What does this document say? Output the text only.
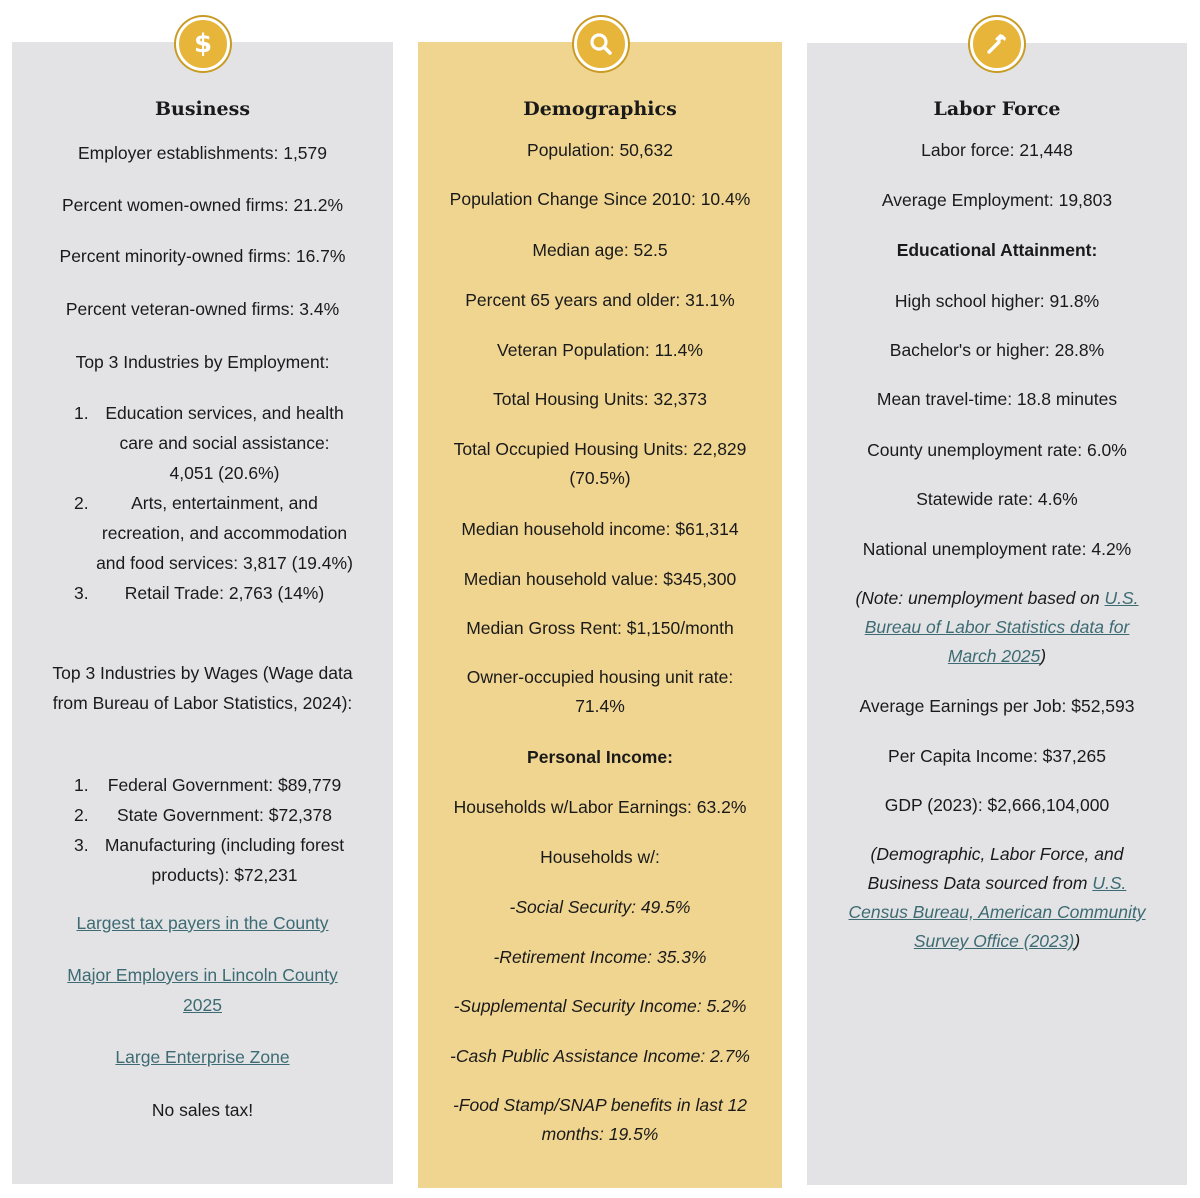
$
Business
Employer establishments: 1,579
Percent women-owned firms: 21.2%
Percent minority-owned firms: 16.7%
Percent veteran-owned firms: 3.4%
Top 3 Industries by Employment:
1. Education services, and health care and social assistance: 4,051 (20.6%)
2. Arts, entertainment, and recreation, and accommodation and food services: 3,817 (19.4%)
3. Retail Trade: 2,763 (14%)
Top 3 Industries by Wages (Wage data from Bureau of Labor Statistics, 2024):
1. Federal Government: $89,779
2. State Government: $72,378
3. Manufacturing (including forest products): $72,231
Largest tax payers in the County
Major Employers in Lincoln County 2025
Large Enterprise Zone
No sales tax!
Demographics
Population: 50,632
Population Change Since 2010: 10.4%
Median age: 52.5
Percent 65 years and older: 31.1%
Veteran Population: 11.4%
Total Housing Units: 32,373
Total Occupied Housing Units: 22,829 (70.5%)
Median household income: $61,314
Median household value: $345,300
Median Gross Rent: $1,150/month
Owner-occupied housing unit rate: 71.4%
Personal Income:
Households w/Labor Earnings: 63.2%
Households w/:
-Social Security: 49.5%
-Retirement Income: 35.3%
-Supplemental Security Income: 5.2%
-Cash Public Assistance Income: 2.7%
-Food Stamp/SNAP benefits in last 12 months: 19.5%
Labor Force
Labor force: 21,448
Average Employment: 19,803
Educational Attainment:
High school higher: 91.8%
Bachelor's or higher: 28.8%
Mean travel-time: 18.8 minutes
County unemployment rate: 6.0%
Statewide rate: 4.6%
National unemployment rate: 4.2%
(Note: unemployment based on U.S. Bureau of Labor Statistics data for March 2025)
Average Earnings per Job: $52,593
Per Capita Income: $37,265
GDP (2023): $2,666,104,000
(Demographic, Labor Force, and Business Data sourced from U.S. Census Bureau, American Community Survey Office (2023))
